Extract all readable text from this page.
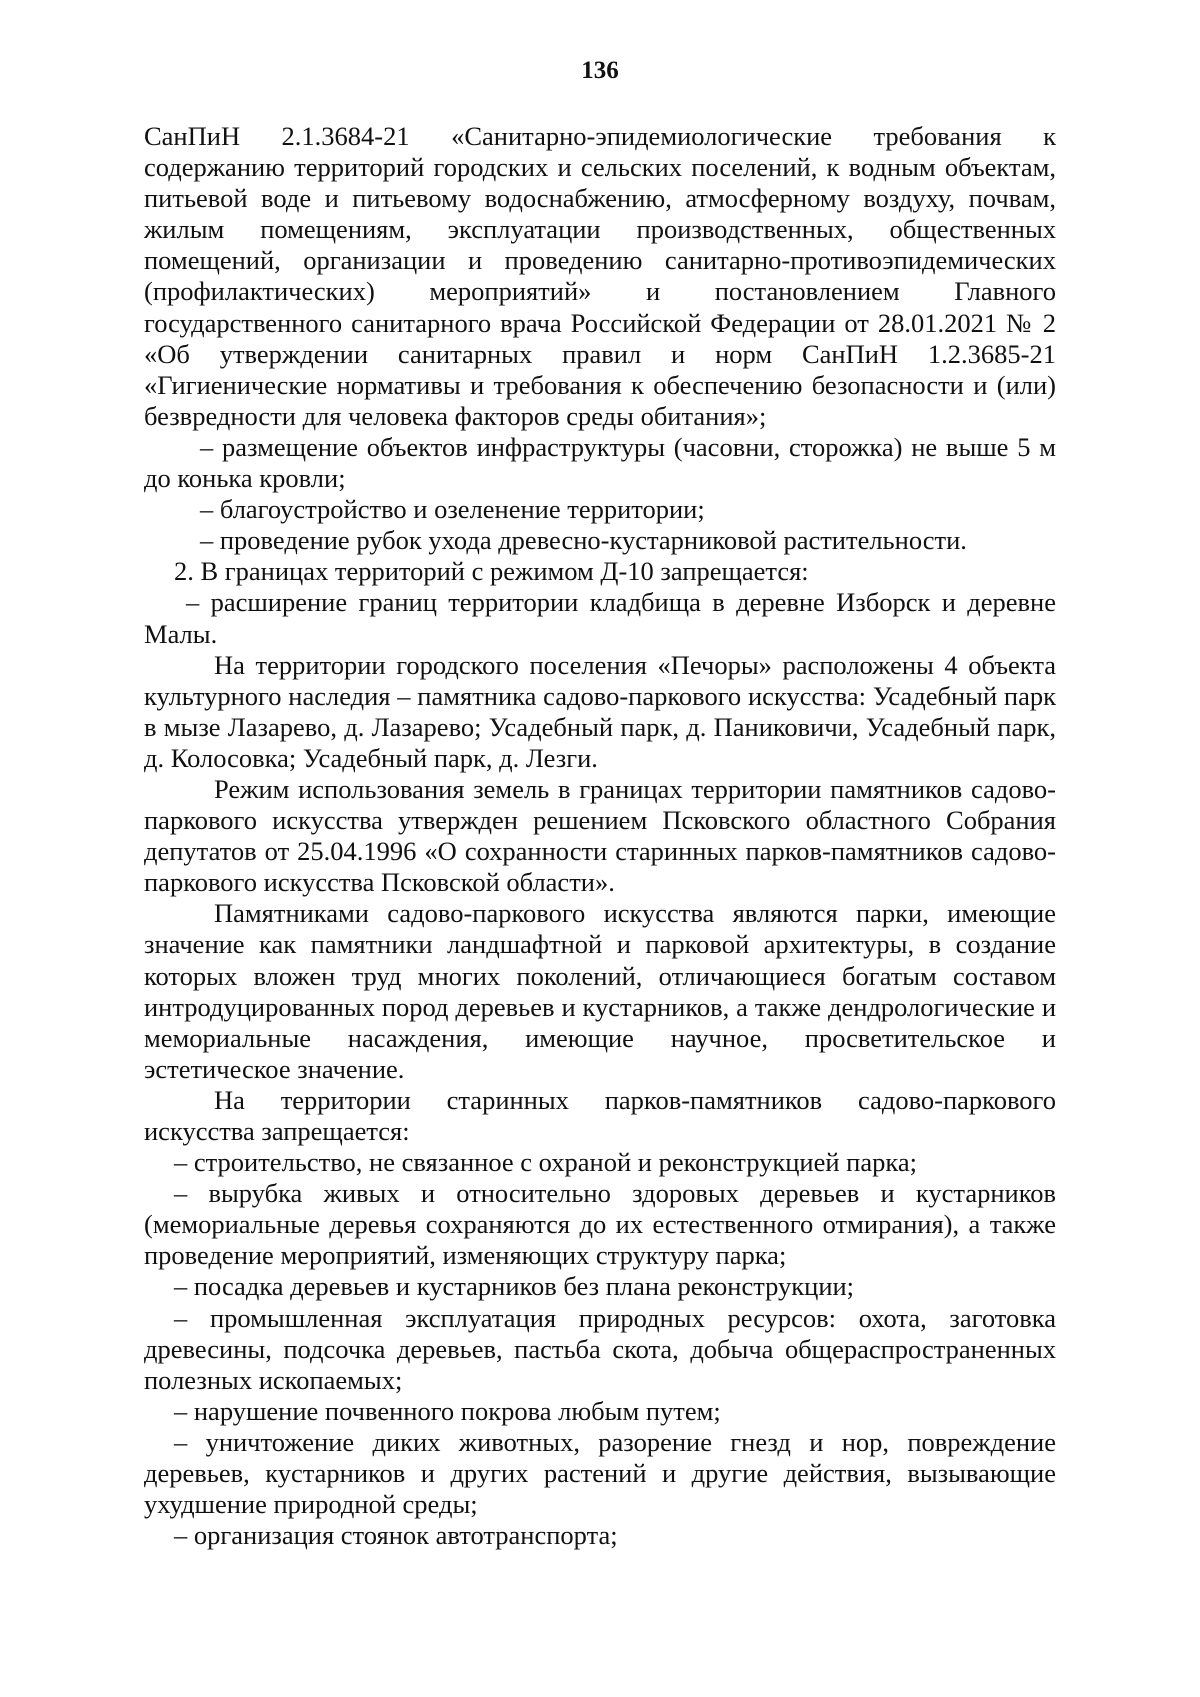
136

СанПиН 2.1.3684-21 «Санитарно-эпидемиологические требования к содержанию территорий городских и сельских поселений, к водным объектам, питьевой воде и питьевому водоснабжению, атмосферному воздуху, почвам, жилым помещениям, эксплуатации производственных, общественных помещений, организации и проведению санитарно-противоэпидемических (профилактических) мероприятий» и постановлением Главного государственного санитарного врача Российской Федерации от 28.01.2021 № 2 «Об утверждении санитарных правил и норм СанПиН 1.2.3685-21 «Гигиенические нормативы и требования к обеспечению безопасности и (или) безвредности для человека факторов среды обитания»;

– размещение объектов инфраструктуры (часовни, сторожка) не выше 5 м до конька кровли;

– благоустройство и озеленение территории;

– проведение рубок ухода древесно-кустарниковой растительности.

2. В границах территорий с режимом Д-10 запрещается:

– расширение границ территории кладбища в деревне Изборск и деревне Малы.

На территории городского поселения «Печоры» расположены 4 объекта культурного наследия – памятника садово-паркового искусства: Усадебный парк в мызе Лазарево, д. Лазарево; Усадебный парк, д. Паниковичи, Усадебный парк, д. Колосовка; Усадебный парк, д. Лезги.

Режим использования земель в границах территории памятников садово-паркового искусства утвержден решением Псковского областного Собрания депутатов от 25.04.1996 «О сохранности старинных парков-памятников садово-паркового искусства Псковской области».

Памятниками садово-паркового искусства являются парки, имеющие значение как памятники ландшафтной и парковой архитектуры, в создание которых вложен труд многих поколений, отличающиеся богатым составом интродуцированных пород деревьев и кустарников, а также дендрологические и мемориальные насаждения, имеющие научное, просветительское и эстетическое значение.

На территории старинных парков-памятников садово-паркового искусства запрещается:

– строительство, не связанное с охраной и реконструкцией парка;

– вырубка живых и относительно здоровых деревьев и кустарников (мемориальные деревья сохраняются до их естественного отмирания), а также проведение мероприятий, изменяющих структуру парка;

– посадка деревьев и кустарников без плана реконструкции;

– промышленная эксплуатация природных ресурсов: охота, заготовка древесины, подсочка деревьев, пастьба скота, добыча общераспространенных полезных ископаемых;

– нарушение почвенного покрова любым путем;

– уничтожение диких животных, разорение гнезд и нор, повреждение деревьев, кустарников и других растений и другие действия, вызывающие ухудшение природной среды;

– организация стоянок автотранспорта;
